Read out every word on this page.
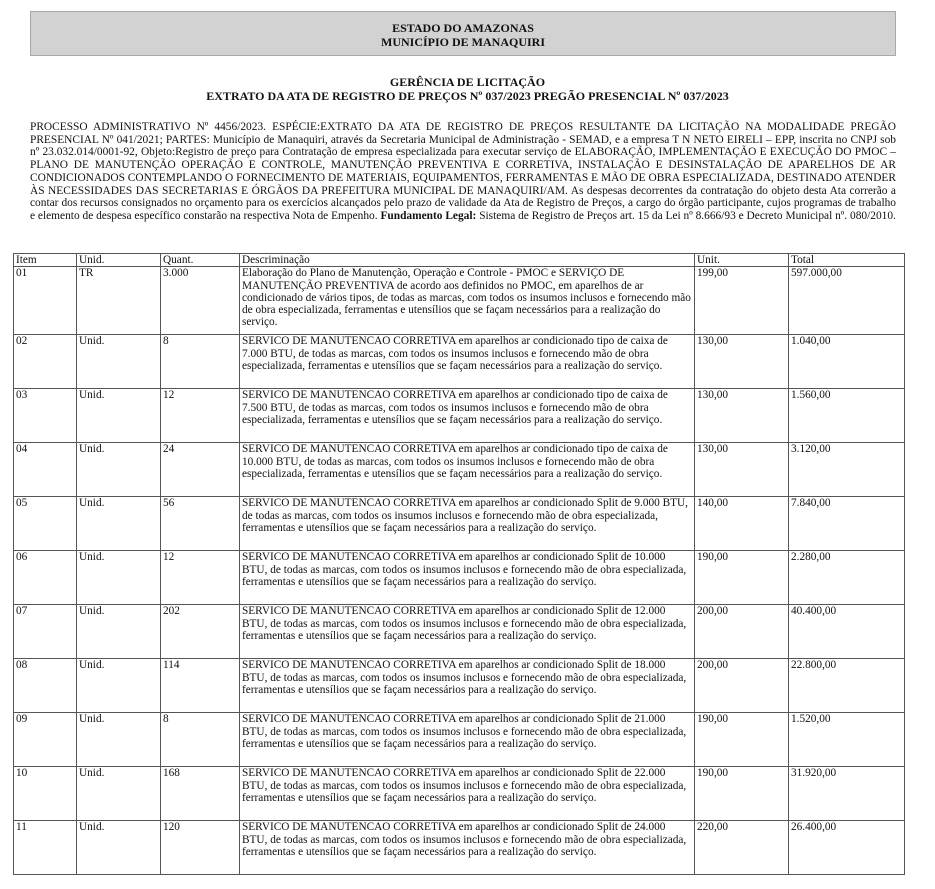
ESTADO DO AMAZONAS
MUNICÍPIO DE MANAQUIRI
GERÊNCIA DE LICITAÇÃO
EXTRATO DA ATA DE REGISTRO DE PREÇOS Nº 037/2023 PREGÃO PRESENCIAL Nº 037/2023

PROCESSO ADMINISTRATIVO Nº 4456/2023. ESPÉCIE:EXTRATO DA ATA DE REGISTRO DE PREÇOS RESULTANTE DA LICITAÇÃO NA MODALIDADE PREGÃO PRESENCIAL Nº 041/2021; PARTES: Município de Manaquiri, através da Secretaria Municipal de Administração - SEMAD, e a empresa T N NETO EIRELI – EPP, inscrita no CNPJ sob nº 23.032.014/0001-92, Objeto:Registro de preço para Contratação de empresa especializada para executar serviço de ELABORAÇÃO, IMPLEMENTAÇÃO E EXECUÇÃO DO PMOC – PLANO DE MANUTENÇÃO OPERAÇÃO E CONTROLE, MANUTENÇÃO PREVENTIVA E CORRETIVA, INSTALAÇÃO E DESINSTALAÇÃO DE APARELHOS DE AR CONDICIONADOS CONTEMPLANDO O FORNECIMENTO DE MATERIAIS, EQUIPAMENTOS, FERRAMENTAS E MÃO DE OBRA ESPECIALIZADA, DESTINADO ATENDER ÀS NECESSIDADES DAS SECRETARIAS E ÓRGÃOS DA PREFEITURA MUNICIPAL DE MANAQUIRI/AM. As despesas decorrentes da contratação do objeto desta Ata correrão a contar dos recursos consignados no orçamento para os exercícios alcançados pelo prazo de validade da Ata de Registro de Preços, a cargo do órgão participante, cujos programas de trabalho e elemento de despesa específico constarão na respectiva Nota de Empenho. Fundamento Legal: Sistema de Registro de Preços art. 15 da Lei nº 8.666/93 e Decreto Municipal nº. 080/2010.

Item	Unid.	Quant.	Descriminação	Unit.	Total
01	TR	3.000	Elaboração do Plano de Manutenção, Operação e Controle - PMOC e SERVIÇO DE MANUTENÇÃO PREVENTIVA de acordo aos definidos no PMOC, em aparelhos de ar condicionado de vários tipos, de todas as marcas, com todos os insumos inclusos e fornecendo mão de obra especializada, ferramentas e utensílios que se façam necessários para a realização do serviço.	199,00	597.000,00
02	Unid.	8	SERVICO DE MANUTENCAO CORRETIVA em aparelhos ar condicionado tipo de caixa de 7.000 BTU, de todas as marcas, com todos os insumos inclusos e fornecendo mão de obra especializada, ferramentas e utensílios que se façam necessários para a realização do serviço.	130,00	1.040,00
03	Unid.	12	SERVICO DE MANUTENCAO CORRETIVA em aparelhos ar condicionado tipo de caixa de 7.500 BTU, de todas as marcas, com todos os insumos inclusos e fornecendo mão de obra especializada, ferramentas e utensílios que se façam necessários para a realização do serviço.	130,00	1.560,00
04	Unid.	24	SERVICO DE MANUTENCAO CORRETIVA em aparelhos ar condicionado tipo de caixa de 10.000 BTU, de todas as marcas, com todos os insumos inclusos e fornecendo mão de obra especializada, ferramentas e utensílios que se façam necessários para a realização do serviço.	130,00	3.120,00
05	Unid.	56	SERVICO DE MANUTENCAO CORRETIVA em aparelhos ar condicionado Split de 9.000 BTU, de todas as marcas, com todos os insumos inclusos e fornecendo mão de obra especializada, ferramentas e utensílios que se façam necessários para a realização do serviço.	140,00	7.840,00
06	Unid.	12	SERVICO DE MANUTENCAO CORRETIVA em aparelhos ar condicionado Split de 10.000 BTU, de todas as marcas, com todos os insumos inclusos e fornecendo mão de obra especializada, ferramentas e utensílios que se façam necessários para a realização do serviço.	190,00	2.280,00
07	Unid.	202	SERVICO DE MANUTENCAO CORRETIVA em aparelhos ar condicionado Split de 12.000 BTU, de todas as marcas, com todos os insumos inclusos e fornecendo mão de obra especializada, ferramentas e utensílios que se façam necessários para a realização do serviço.	200,00	40.400,00
08	Unid.	114	SERVICO DE MANUTENCAO CORRETIVA em aparelhos ar condicionado Split de 18.000 BTU, de todas as marcas, com todos os insumos inclusos e fornecendo mão de obra especializada, ferramentas e utensílios que se façam necessários para a realização do serviço.	200,00	22.800,00
09	Unid.	8	SERVICO DE MANUTENCAO CORRETIVA em aparelhos ar condicionado Split de 21.000 BTU, de todas as marcas, com todos os insumos inclusos e fornecendo mão de obra especializada, ferramentas e utensílios que se façam necessários para a realização do serviço.	190,00	1.520,00
10	Unid.	168	SERVICO DE MANUTENCAO CORRETIVA em aparelhos ar condicionado Split de 22.000 BTU, de todas as marcas, com todos os insumos inclusos e fornecendo mão de obra especializada, ferramentas e utensílios que se façam necessários para a realização do serviço.	190,00	31.920,00
11	Unid.	120	SERVICO DE MANUTENCAO CORRETIVA em aparelhos ar condicionado Split de 24.000 BTU, de todas as marcas, com todos os insumos inclusos e fornecendo mão de obra especializada, ferramentas e utensílios que se façam necessários para a realização do serviço.	220,00	26.400,00
